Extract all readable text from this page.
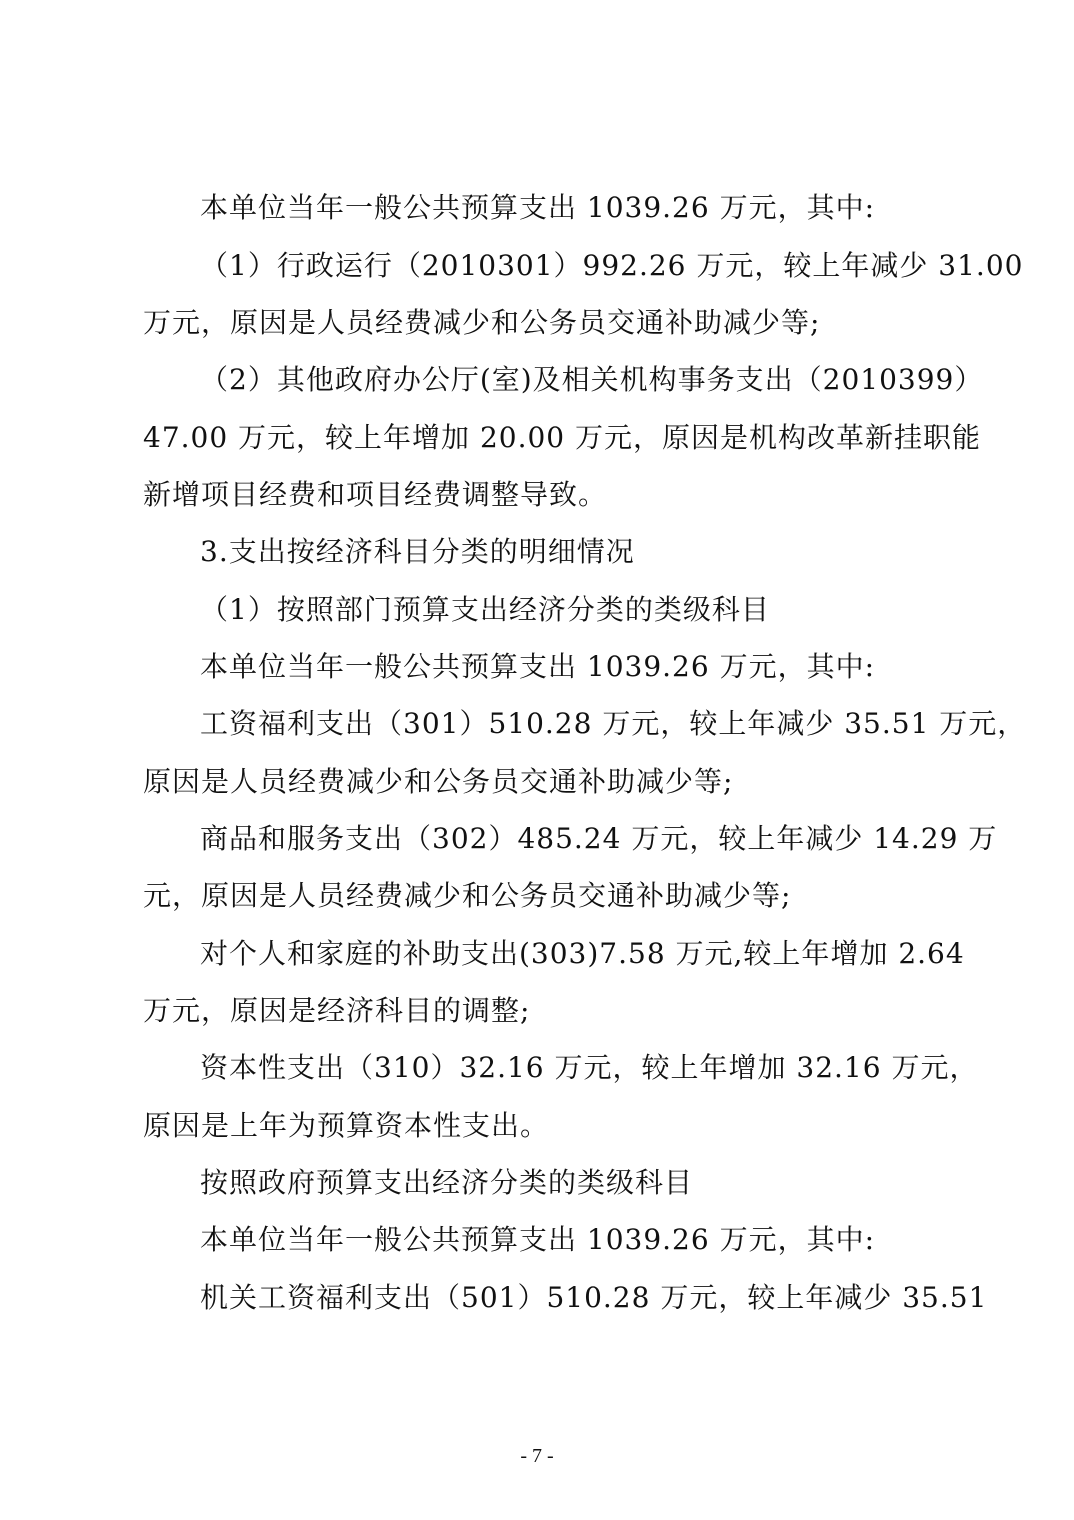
本单位当年一般公共预算支出 1039.26 万元，其中:
（1）行政运行（2010301）992.26 万元，较上年减少 31.00
万元，原因是人员经费减少和公务员交通补助减少等;
（2）其他政府办公厅(室)及相关机构事务支出（2010399）
47.00 万元，较上年增加 20.00 万元，原因是机构改革新挂职能
新增项目经费和项目经费调整导致。
3.支出按经济科目分类的明细情况
（1）按照部门预算支出经济分类的类级科目
本单位当年一般公共预算支出 1039.26 万元，其中:
工资福利支出（301）510.28 万元，较上年减少 35.51 万元，
原因是人员经费减少和公务员交通补助减少等;
商品和服务支出（302）485.24 万元，较上年减少 14.29 万
元，原因是人员经费减少和公务员交通补助减少等;
对个人和家庭的补助支出(303)7.58 万元,较上年增加 2.64
万元，原因是经济科目的调整;
资本性支出（310）32.16 万元，较上年增加 32.16 万元，
原因是上年为预算资本性支出。
按照政府预算支出经济分类的类级科目
本单位当年一般公共预算支出 1039.26 万元，其中:
机关工资福利支出（501）510.28 万元，较上年减少 35.51
- 7 -
